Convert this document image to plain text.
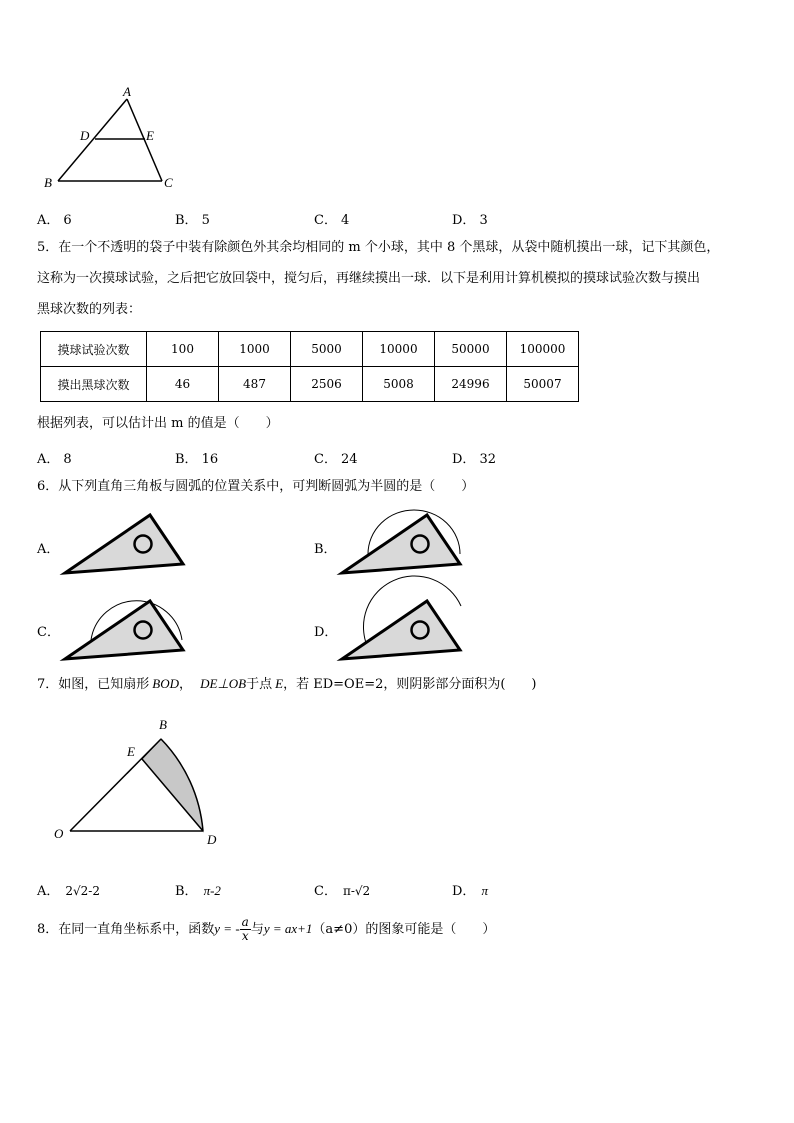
A
D	E
B	C
A． 6	B． 5	C． 4	D． 3
5．在一个不透明的袋子中装有除颜色外其余均相同的 m 个小球，其中 8 个黑球，从袋中随机摸出一球，记下其颜色，
这称为一次摸球试验，之后把它放回袋中，搅匀后，再继续摸出一球．以下是利用计算机模拟的摸球试验次数与摸出
黑球次数的列表：
摸球试验次数	100	1000	5000	10000	50000	100000
摸出黑球次数	46	487	2506	5008	24996	50007
根据列表，可以估计出 m 的值是（　　）
A． 8	B． 16	C． 24	D． 32
6．从下列直角三角板与圆弧的位置关系中，可判断圆弧为半圆的是（　　）
A．	B．
C．	D．
7．如图，已知扇形 BOD， DE⊥OB于点 E，若 ED=OE=2，则阴影部分面积为(　　)
B
E
O	D
A． 2√2-2	B． π-2	C． π-√2	D． π
8．在同一直角坐标系中，函数y = - $\frac{a}{x}$ 与y = ax+1（a≠0）的图象可能是（　　）
